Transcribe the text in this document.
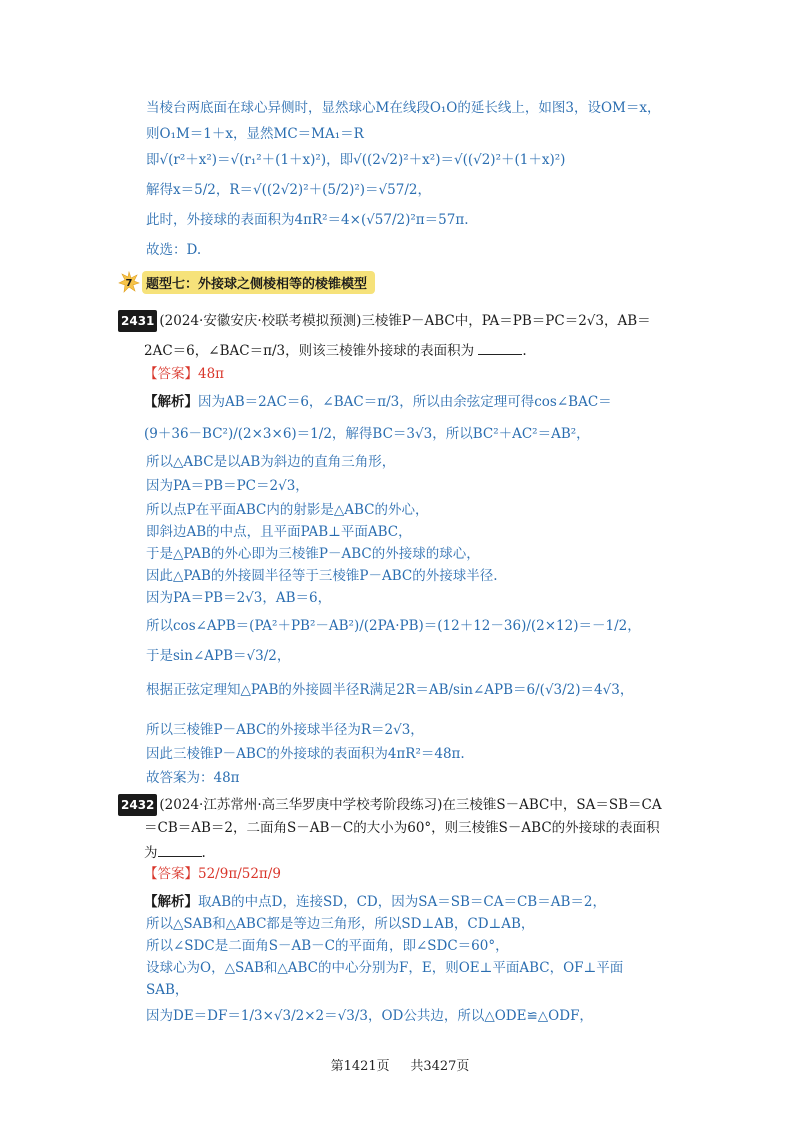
当棱台两底面在球心异侧时，显然球心M在线段O₁O的延长线上，如图3，设OM＝x，
则O₁M＝1＋x，显然MC＝MA₁＝R
即√(r²＋x²)＝√(r₁²＋(1＋x)²)，即√((2√2)²＋x²)＝√((√2)²＋(1＋x)²)
解得x＝5/2，R＝√((2√2)²＋(5/2)²)＝√57/2，
此时，外接球的表面积为4πR²＝4×(√57/2)²π＝57π.
故选：D.
7	题型七：外接球之侧棱相等的棱锥模型
2431 (2024·安徽安庆·校联考模拟预测)三棱锥P－ABC中，PA＝PB＝PC＝2√3，AB＝
2AC＝6，∠BAC＝π/3，则该三棱锥外接球的表面积为	.
【答案】48π
【解析】因为AB＝2AC＝6，∠BAC＝π/3，所以由余弦定理可得cos∠BAC＝
(9＋36－BC²)/(2×3×6)＝1/2，解得BC＝3√3，所以BC²＋AC²＝AB²，
所以△ABC是以AB为斜边的直角三角形，
因为PA＝PB＝PC＝2√3，
所以点P在平面ABC内的射影是△ABC的外心，
即斜边AB的中点，且平面PAB⊥平面ABC，
于是△PAB的外心即为三棱锥P－ABC的外接球的球心，
因此△PAB的外接圆半径等于三棱锥P－ABC的外接球半径.
因为PA＝PB＝2√3，AB＝6，
所以cos∠APB＝(PA²＋PB²－AB²)/(2PA·PB)＝(12＋12－36)/(2×12)＝－1/2，
于是sin∠APB＝√3/2，
根据正弦定理知△PAB的外接圆半径R满足2R＝AB/sin∠APB＝6/(√3/2)＝4√3，
所以三棱锥P－ABC的外接球半径为R＝2√3，
因此三棱锥P－ABC的外接球的表面积为4πR²＝48π.
故答案为：48π
2432 (2024·江苏常州·高三华罗庚中学校考阶段练习)在三棱锥S－ABC中，SA＝SB＝CA
＝CB＝AB＝2，二面角S－AB－C的大小为60°，则三棱锥S－ABC的外接球的表面积
为	.
【答案】52/9π/52π/9
【解析】取AB的中点D，连接SD，CD，因为SA＝SB＝CA＝CB＝AB＝2，
所以△SAB和△ABC都是等边三角形，所以SD⊥AB，CD⊥AB，
所以∠SDC是二面角S－AB－C的平面角，即∠SDC＝60°，
设球心为O，△SAB和△ABC的中心分别为F，E，则OE⊥平面ABC，OF⊥平面
SAB，
因为DE＝DF＝1/3×√3/2×2＝√3/3，OD公共边，所以△ODE≌△ODF，
第1421页 共3427页
